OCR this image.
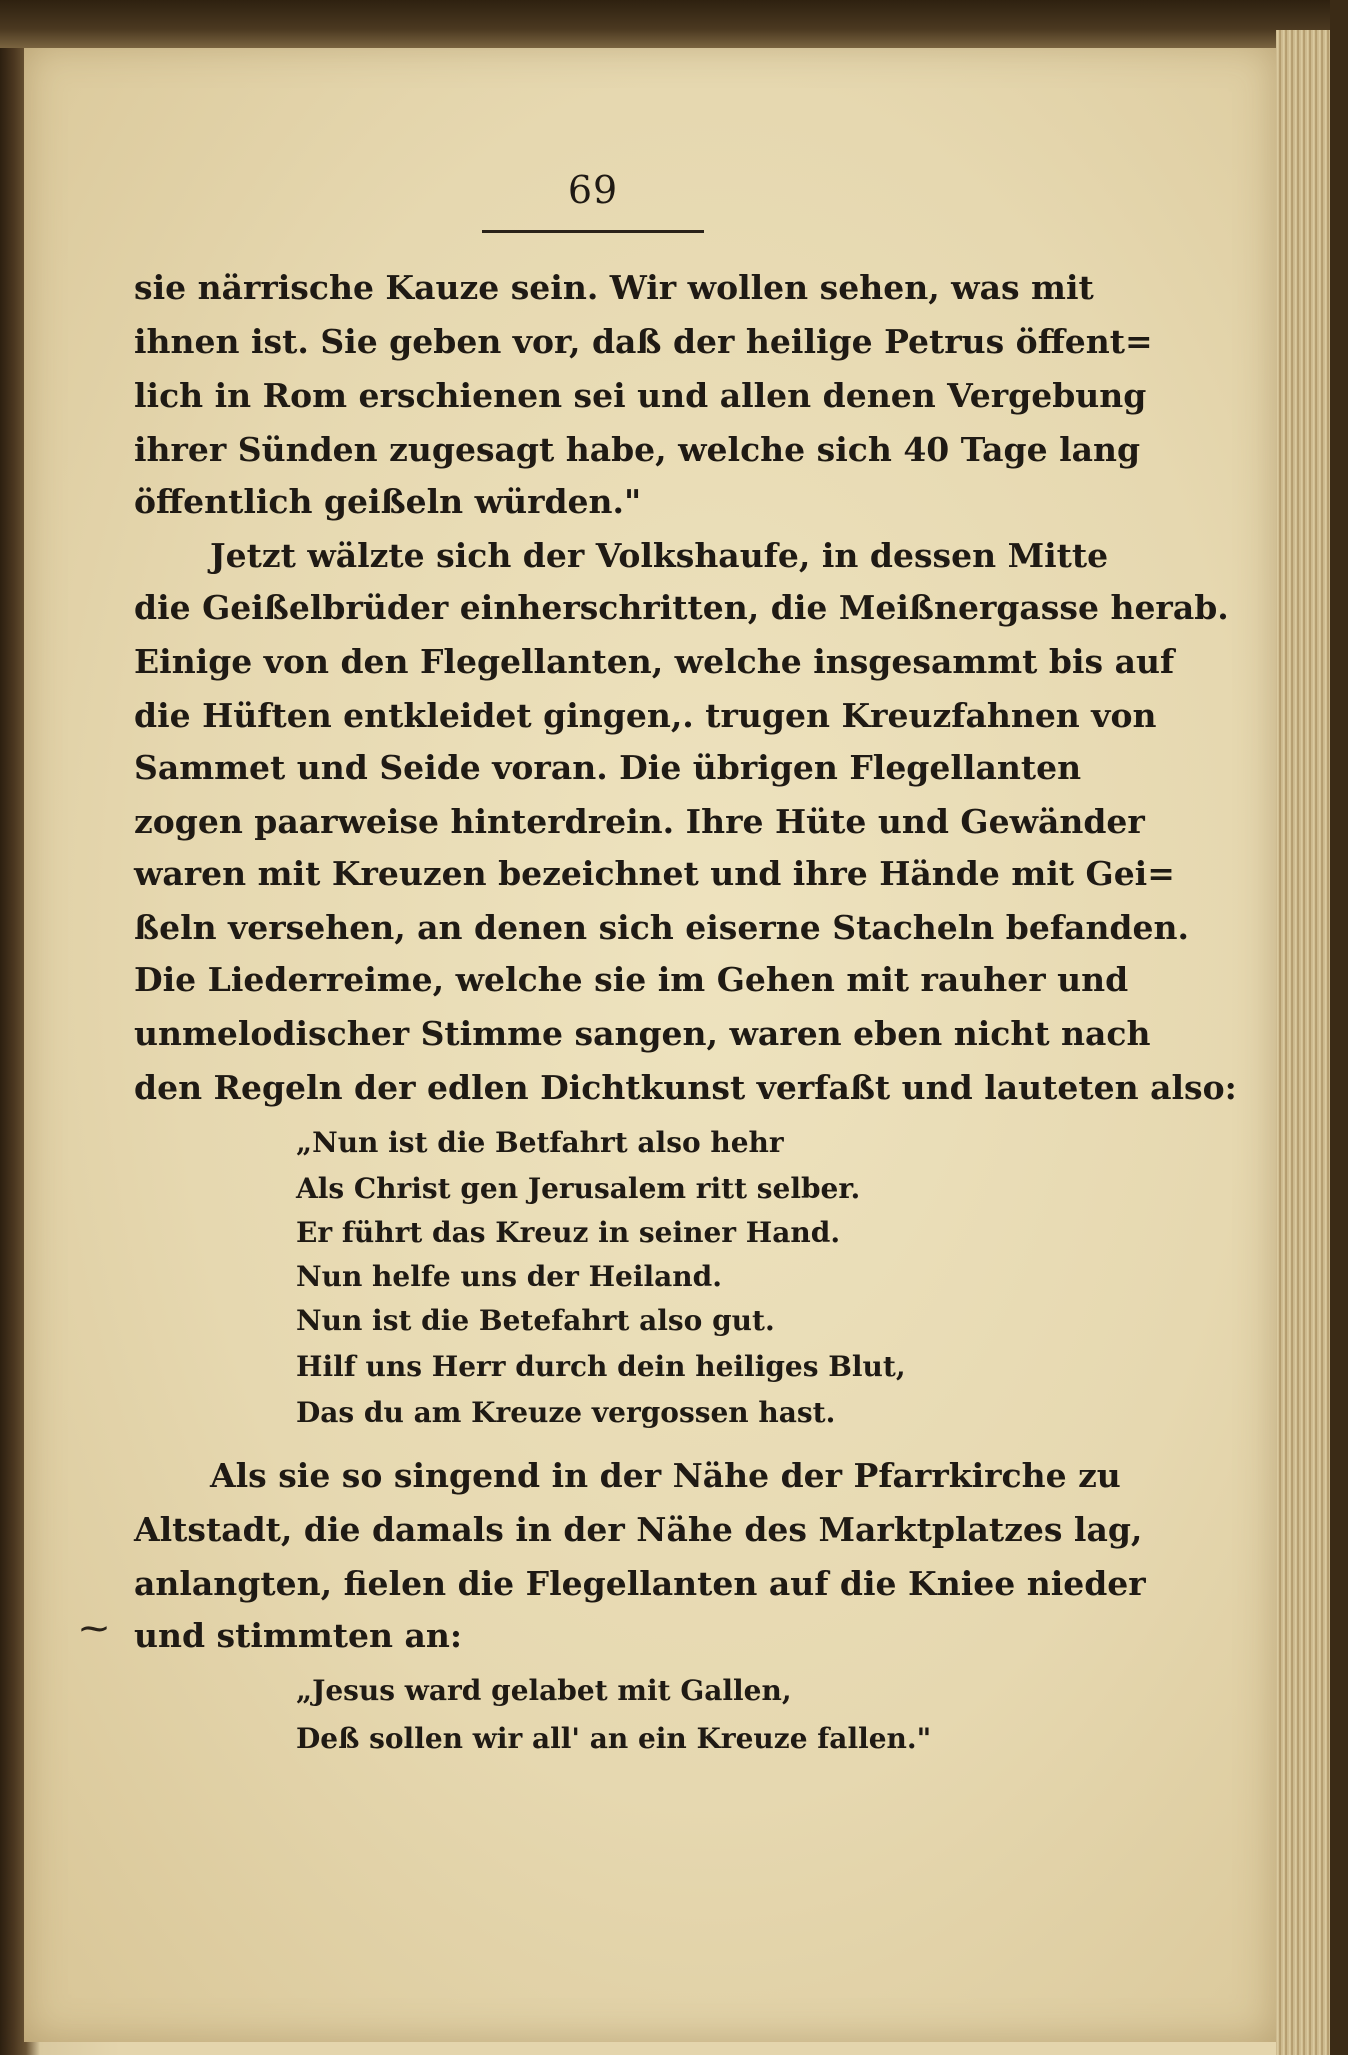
⁓
69
sie närrische Kauze sein. Wir wollen sehen, was mit
ihnen ist. Sie geben vor, daß der heilige Petrus öffent=
lich in Rom erschienen sei und allen denen Vergebung
ihrer Sünden zugesagt habe, welche sich 40 Tage lang
öffentlich geißeln würden."
Jetzt wälzte sich der Volkshaufe, in dessen Mitte
die Geißelbrüder einherschritten, die Meißnergasse herab.
Einige von den Flegellanten, welche insgesammt bis auf
die Hüften entkleidet gingen,. trugen Kreuzfahnen von
Sammet und Seide voran. Die übrigen Flegellanten
zogen paarweise hinterdrein. Ihre Hüte und Gewänder
waren mit Kreuzen bezeichnet und ihre Hände mit Gei=
ßeln versehen, an denen sich eiserne Stacheln befanden.
Die Liederreime, welche sie im Gehen mit rauher und
unmelodischer Stimme sangen, waren eben nicht nach
den Regeln der edlen Dichtkunst verfaßt und lauteten also:
„Nun ist die Betfahrt also hehr
Als Christ gen Jerusalem ritt selber.
Er führt das Kreuz in seiner Hand.
Nun helfe uns der Heiland.
Nun ist die Betefahrt also gut.
Hilf uns Herr durch dein heiliges Blut,
Das du am Kreuze vergossen hast.
Als sie so singend in der Nähe der Pfarrkirche zu
Altstadt, die damals in der Nähe des Marktplatzes lag,
anlangten, fielen die Flegellanten auf die Kniee nieder
und stimmten an:
„Jesus ward gelabet mit Gallen,
Deß sollen wir all' an ein Kreuze fallen."
